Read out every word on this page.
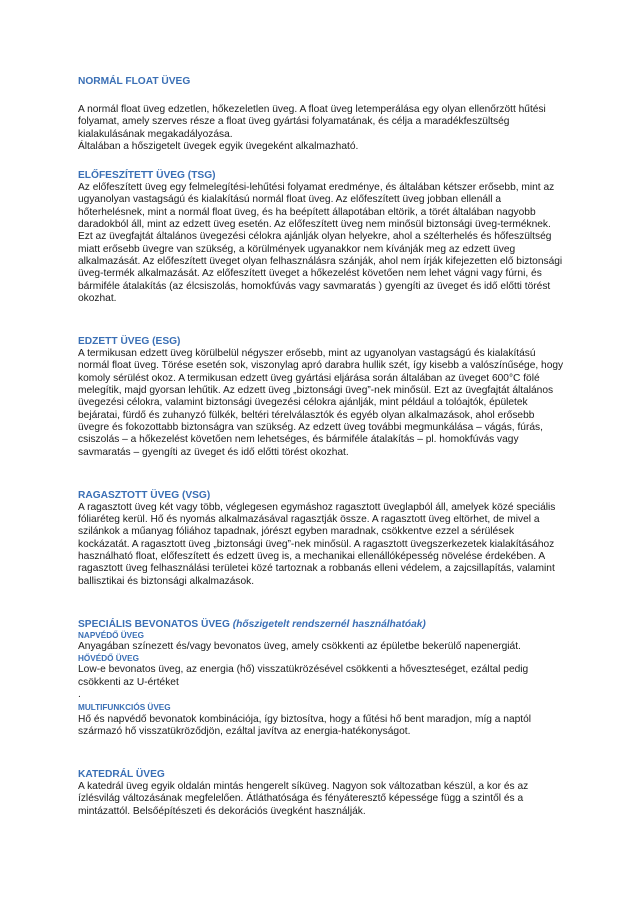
NORMÁL FLOAT ÜVEG

A normál float üveg edzetlen, hőkezeletlen üveg. A float üveg letemperálása egy olyan ellenőrzött hűtési folyamat, amely szerves része a float üveg gyártási folyamatának, és célja a maradékfeszültség kialakulásának megakadályozása.

Általában a hőszigetelt üvegek egyik üvegeként alkalmazható.

ELŐFESZÍTETT ÜVEG (TSG)

Az előfeszített üveg egy felmelegítési-lehűtési folyamat eredménye, és általában kétszer erősebb, mint az ugyanolyan vastagságú és kialakítású normál float üveg. Az előfeszített üveg jobban ellenáll a hőterhelésnek, mint a normál float üveg, és ha beépített állapotában eltörik, a törét általában nagyobb daradokból áll, mint az edzett üveg esetén. Az előfeszített üveg nem minősül biztonsági üveg-terméknek. Ezt az üvegfajtát általános üvegezési célokra ajánlják olyan helyekre, ahol a szélterhelés és hőfeszültség miatt erősebb üvegre van szükség, a körülmények ugyanakkor nem kívánják meg az edzett üveg alkalmazását. Az előfeszített üveget olyan felhasználásra szánják, ahol nem írják kifejezetten elő biztonsági üveg-termék alkalmazását. Az előfeszített üveget a hőkezelést követően nem lehet vágni vagy fúrni, és bármiféle átalakítás (az élcsiszolás, homokfúvás vagy savmaratás ) gyengíti az üveget és idő előtti törést okozhat.

EDZETT ÜVEG (ESG)

A termikusan edzett üveg körülbelül négyszer erősebb, mint az ugyanolyan vastagságú és kialakítású normál float üveg. Törése esetén sok, viszonylag apró darabra hullik szét, így kisebb a valószínűsége, hogy komoly sérülést okoz. A termikusan edzett üveg gyártási eljárása során általában az üveget 600°C fölé melegítik, majd gyorsan lehűtik. Az edzett üveg „biztonsági üveg”-nek minősül. Ezt az üvegfajtát általános üvegezési célokra, valamint biztonsági üvegezési célokra ajánlják, mint például a tolóajtók, épületek bejáratai, fürdő és zuhanyzó fülkék, beltéri térelválasztók és egyéb olyan alkalmazások, ahol erősebb üvegre és fokozottabb biztonságra van szükség. Az edzett üveg további megmunkálása – vágás, fúrás, csiszolás – a hőkezelést követően nem lehetséges, és bármiféle átalakítás – pl. homokfúvás vagy savmaratás – gyengíti az üveget és idő előtti törést okozhat.

RAGASZTOTT ÜVEG (VSG)

A ragasztott üveg két vagy több, véglegesen egymáshoz ragasztott üveglapból áll, amelyek közé speciális fóliaréteg kerül. Hő és nyomás alkalmazásával ragasztják össze. A ragasztott üveg eltörhet, de mivel a szilánkok a műanyag fóliához tapadnak, jórészt egyben maradnak, csökkentve ezzel a sérülések kockázatát. A ragasztott üveg „biztonsági üveg”-nek minősül. A ragasztott üvegszerkezetek kialakításához használható float, előfeszített és edzett üveg is, a mechanikai ellenállóképesség növelése érdekében. A ragasztott üveg felhasználási területei közé tartoznak a robbanás elleni védelem, a zajcsillapítás, valamint ballisztikai és biztonsági alkalmazások.

SPECIÁLIS BEVONATOS ÜVEG (hőszigetelt rendszernél használhatóak)

NAPVÉDŐ ÜVEG

Anyagában színezett és/vagy bevonatos üveg, amely csökkenti az épületbe bekerülő napenergiát.

HŐVÉDŐ ÜVEG

Low-e bevonatos üveg, az energia (hő) visszatükrözésével csökkenti a hőveszteséget, ezáltal pedig csökkenti az U-értéket

.

MULTIFUNKCIÓS ÜVEG

Hő és napvédő bevonatok kombinációja, így biztosítva, hogy a fűtési hő bent maradjon, míg a naptól származó hő visszatükröződjön, ezáltal javítva az energia-hatékonyságot.

KATEDRÁL ÜVEG

A katedrál üveg egyik oldalán mintás hengerelt síküveg. Nagyon sok változatban készül, a kor és az ízlésvilág változásának megfelelően. Átláthatósága és fényáteresztő képessége függ a szintől és a mintázattól. Belsőépítészeti és dekorációs üvegként használják.
